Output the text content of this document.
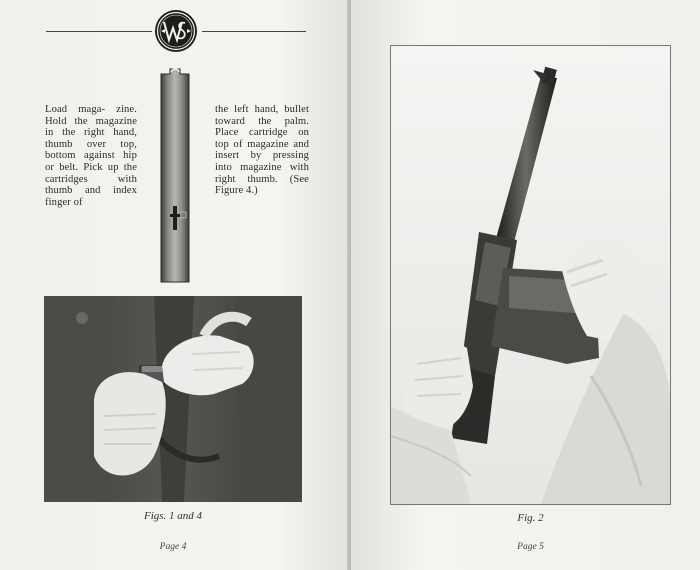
Load maga- zine. Hold the magazine in the right hand, thumb over top, bottom against hip or belt. Pick up the cartridges with thumb and index finger of

the left hand, bullet toward the palm. Place cartridge on top of magazine and insert by pressing into magazine with right thumb. (See Figure 4.)

Figs. 1 and 4
Page 4
Fig. 2
Page 5
